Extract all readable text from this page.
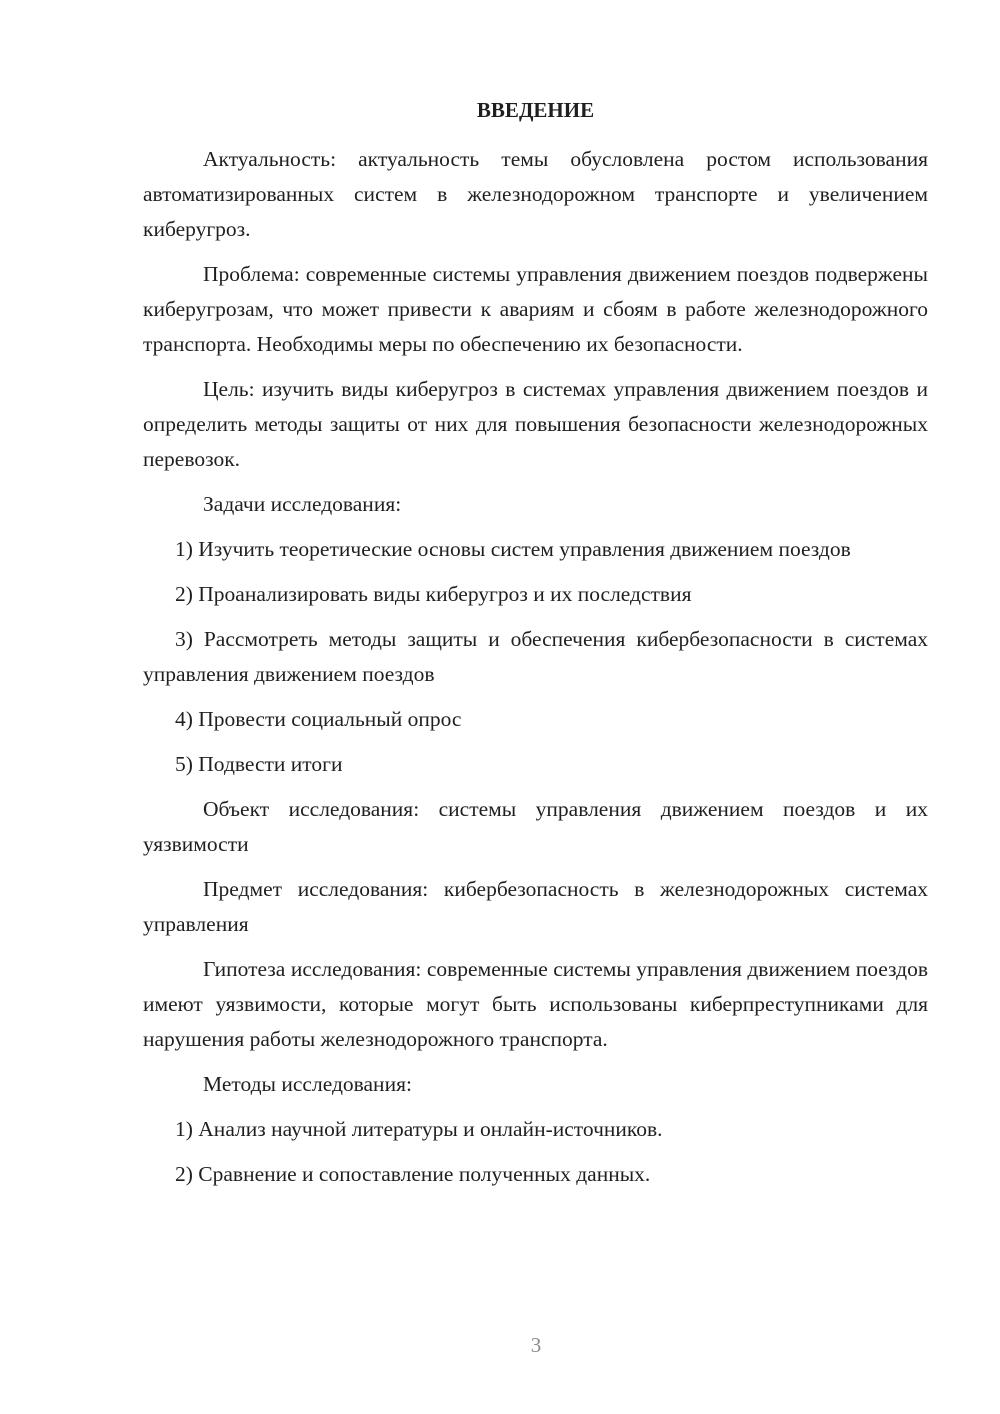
ВВЕДЕНИЕ

Актуальность: актуальность темы обусловлена ростом использования автоматизированных систем в железнодорожном транспорте и увеличением киберугроз.

Проблема: современные системы управления движением поездов подвержены киберугрозам, что может привести к авариям и сбоям в работе железнодорожного транспорта. Необходимы меры по обеспечению их безопасности.

Цель: изучить виды киберугроз в системах управления движением поездов и определить методы защиты от них для повышения безопасности железнодорожных перевозок.

Задачи исследования:

1) Изучить теоретические основы систем управления движением поездов

2) Проанализировать виды киберугроз и их последствия

3) Рассмотреть методы защиты и обеспечения кибербезопасности в системах управления движением поездов

4) Провести социальный опрос

5) Подвести итоги

Объект исследования: системы управления движением поездов и их уязвимости

Предмет исследования: кибербезопасность в железнодорожных системах управления

Гипотеза исследования: современные системы управления движением поездов имеют уязвимости, которые могут быть использованы киберпреступниками для нарушения работы железнодорожного транспорта.

Методы исследования:

1) Анализ научной литературы и онлайн-источников.

2) Сравнение и сопоставление полученных данных.

3
